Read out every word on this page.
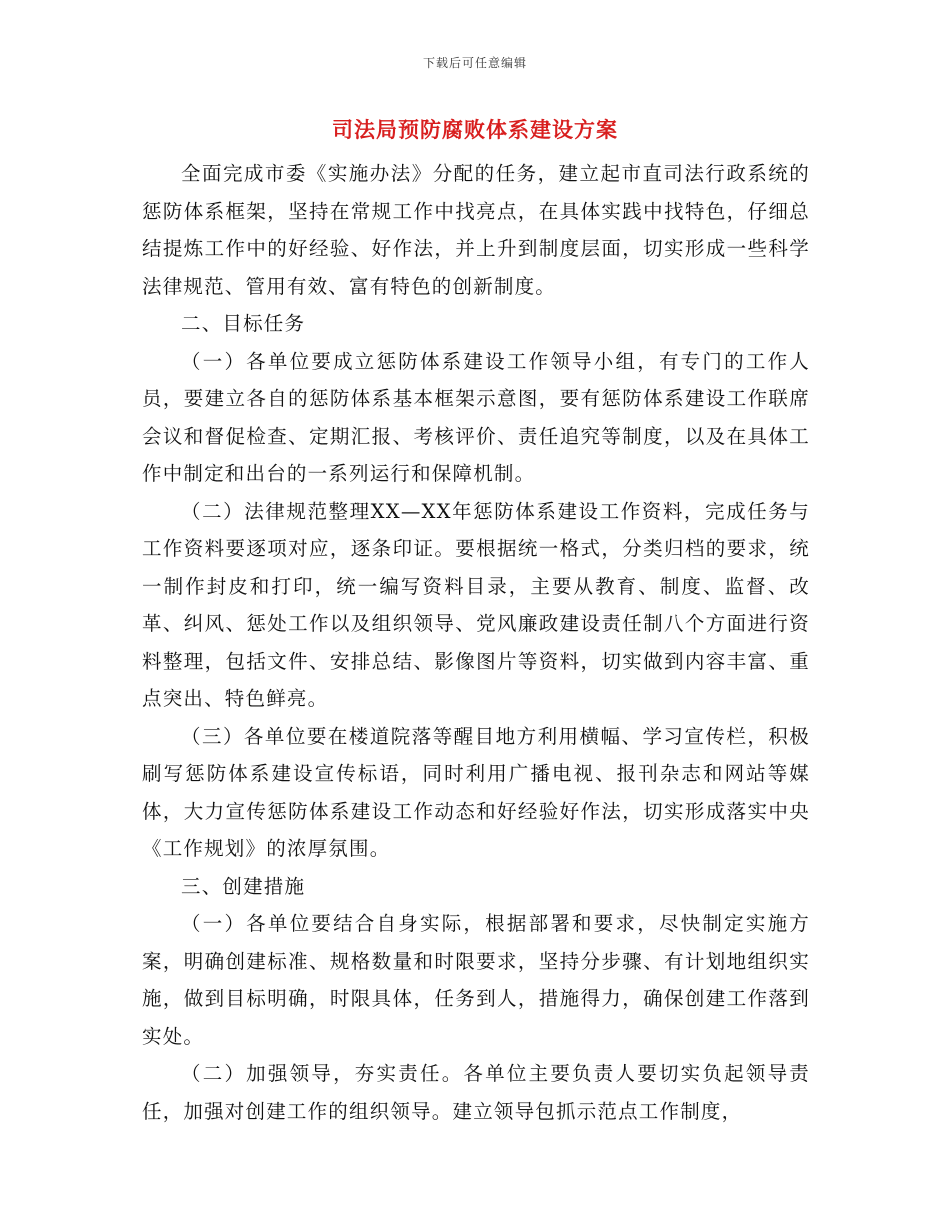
下载后可任意编辑
司法局预防腐败体系建设方案

全面完成市委《实施办法》分配的任务，建立起市直司法行政系统的惩防体系框架，坚持在常规工作中找亮点，在具体实践中找特色，仔细总结提炼工作中的好经验、好作法，并上升到制度层面，切实形成一些科学法律规范、管用有效、富有特色的创新制度。

二、目标任务

（一）各单位要成立惩防体系建设工作领导小组，有专门的工作人员，要建立各自的惩防体系基本框架示意图，要有惩防体系建设工作联席会议和督促检查、定期汇报、考核评价、责任追究等制度，以及在具体工作中制定和出台的一系列运行和保障机制。

（二）法律规范整理XX—XX年惩防体系建设工作资料，完成任务与工作资料要逐项对应，逐条印证。要根据统一格式，分类归档的要求，统一制作封皮和打印，统一编写资料目录，主要从教育、制度、监督、改革、纠风、惩处工作以及组织领导、党风廉政建设责任制八个方面进行资料整理，包括文件、安排总结、影像图片等资料，切实做到内容丰富、重点突出、特色鲜亮。

（三）各单位要在楼道院落等醒目地方利用横幅、学习宣传栏，积极刷写惩防体系建设宣传标语，同时利用广播电视、报刊杂志和网站等媒体，大力宣传惩防体系建设工作动态和好经验好作法，切实形成落实中央《工作规划》的浓厚氛围。

三、创建措施

（一）各单位要结合自身实际，根据部署和要求，尽快制定实施方案，明确创建标准、规格数量和时限要求，坚持分步骤、有计划地组织实施，做到目标明确，时限具体，任务到人，措施得力，确保创建工作落到实处。

（二）加强领导，夯实责任。各单位主要负责人要切实负起领导责任，加强对创建工作的组织领导。建立领导包抓示范点工作制度，
